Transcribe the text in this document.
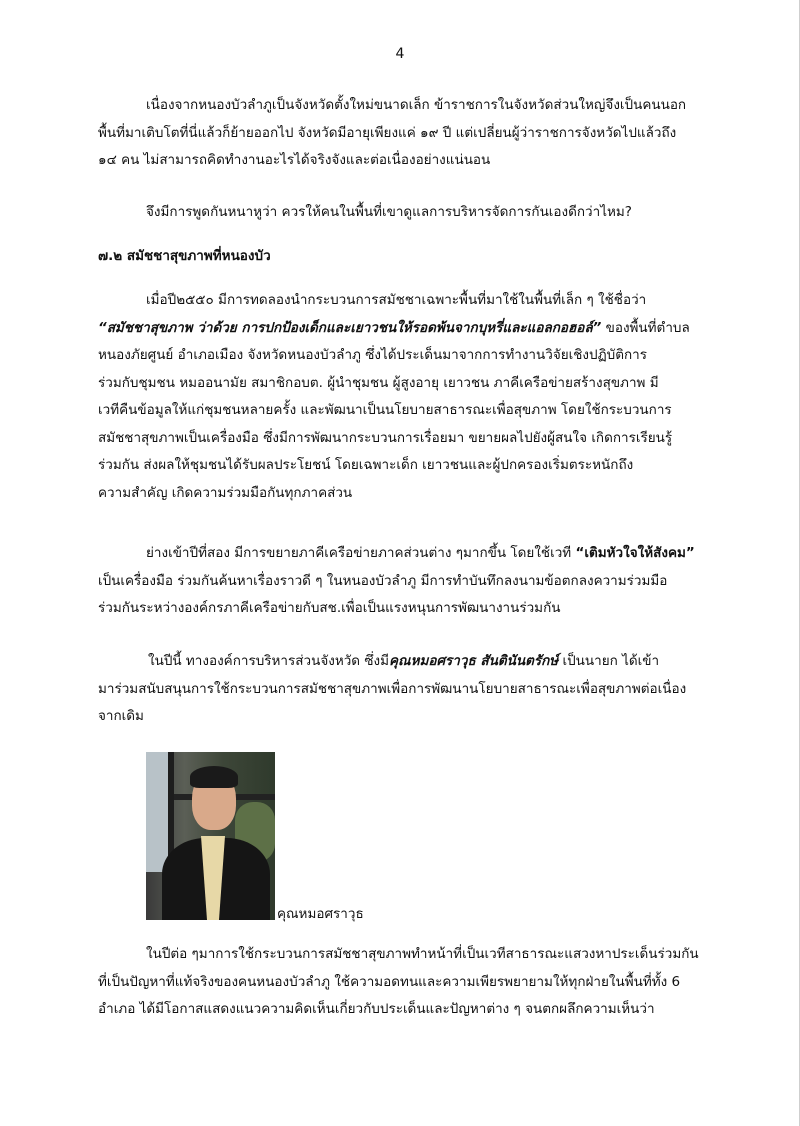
4
เนื่องจากหนองบัวลำภูเป็นจังหวัดตั้งใหม่ขนาดเล็ก ข้าราชการในจังหวัดส่วนใหญ่จึงเป็นคนนอก
พื้นที่มาเติบโตที่นี่แล้วก็ย้ายออกไป จังหวัดมีอายุเพียงแค่ ๑๙ ปี แต่เปลี่ยนผู้ว่าราชการจังหวัดไปแล้วถึง
๑๔ คน ไม่สามารถคิดทำงานอะไรได้จริงจังและต่อเนื่องอย่างแน่นอน
จึงมีการพูดกันหนาหูว่า ควรให้คนในพื้นที่เขาดูแลการบริหารจัดการกันเองดีกว่าไหม?
๗.๒ สมัชชาสุขภาพที่หนองบัว
เมื่อปี๒๕๕๐ มีการทดลองนำกระบวนการสมัชชาเฉพาะพื้นที่มาใช้ในพื้นที่เล็ก ๆ ใช้ชื่อว่า
“สมัชชาสุขภาพ ว่าด้วย การปกป้องเด็กและเยาวชนให้รอดพ้นจากบุหรี่และแอลกอฮอล์” ของพื้นที่ตำบล
หนองภัยศูนย์ อำเภอเมือง จังหวัดหนองบัวลำภู ซึ่งได้ประเด็นมาจากการทำงานวิจัยเชิงปฏิบัติการ
ร่วมกับชุมชน หมออนามัย สมาชิกอบต. ผู้นำชุมชน ผู้สูงอายุ เยาวชน ภาคีเครือข่ายสร้างสุขภาพ มี
เวทีคืนข้อมูลให้แก่ชุมชนหลายครั้ง และพัฒนาเป็นนโยบายสาธารณะเพื่อสุขภาพ โดยใช้กระบวนการ
สมัชชาสุขภาพเป็นเครื่องมือ ซึ่งมีการพัฒนากระบวนการเรื่อยมา ขยายผลไปยังผู้สนใจ เกิดการเรียนรู้
ร่วมกัน ส่งผลให้ชุมชนได้รับผลประโยชน์ โดยเฉพาะเด็ก เยาวชนและผู้ปกครองเริ่มตระหนักถึง
ความสำคัญ เกิดความร่วมมือกันทุกภาคส่วน
ย่างเข้าปีที่สอง มีการขยายภาคีเครือข่ายภาคส่วนต่าง ๆมากขึ้น โดยใช้เวที “เติมหัวใจให้สังคม”
เป็นเครื่องมือ ร่วมกันค้นหาเรื่องราวดี ๆ ในหนองบัวลำภู มีการทำบันทึกลงนามข้อตกลงความร่วมมือ
ร่วมกันระหว่างองค์กรภาคีเครือข่ายกับสช.เพื่อเป็นแรงหนุนการพัฒนางานร่วมกัน
ในปีนี้ ทางองค์การบริหารส่วนจังหวัด ซึ่งมีคุณหมอศราวุธ สันตินันตรักษ์ เป็นนายก ได้เข้า
มาร่วมสนับสนุนการใช้กระบวนการสมัชชาสุขภาพเพื่อการพัฒนานโยบายสาธารณะเพื่อสุขภาพต่อเนื่อง
จากเดิม
คุณหมอศราวุธ
ในปีต่อ ๆมาการใช้กระบวนการสมัชชาสุขภาพทำหน้าที่เป็นเวทีสาธารณะแสวงหาประเด็นร่วมกัน
ที่เป็นปัญหาที่แท้จริงของคนหนองบัวลำภู ใช้ความอดทนและความเพียรพยายามให้ทุกฝ่ายในพื้นที่ทั้ง 6
อำเภอ ได้มีโอกาสแสดงแนวความคิดเห็นเกี่ยวกับประเด็นและปัญหาต่าง ๆ จนตกผลึกความเห็นว่า
